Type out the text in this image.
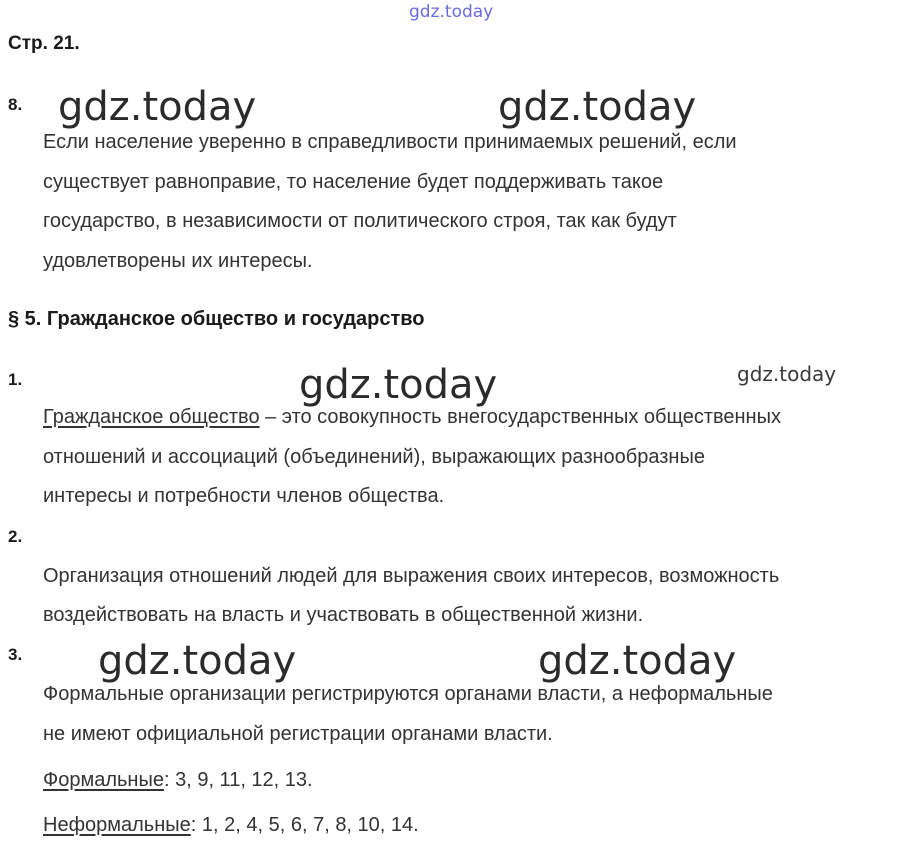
gdz.today
Стр. 21.
8. gdz.today	gdz.today
Если население уверенно в справедливости принимаемых решений, если
существует равноправие, то население будет поддерживать такое
государство, в независимости от политического строя, так как будут
удовлетворены их интересы.
§ 5. Гражданское общество и государство
1.	gdz.today	gdz.today
Гражданское общество – это совокупность внегосударственных общественных
отношений и ассоциаций (объединений), выражающих разнообразные
интересы и потребности членов общества.
2.
Организация отношений людей для выражения своих интересов, возможность
воздействовать на власть и участвовать в общественной жизни.
3. gdz.today	gdz.today
Формальные организации регистрируются органами власти, а неформальные
не имеют официальной регистрации органами власти.
Формальные: 3, 9, 11, 12, 13.
Неформальные: 1, 2, 4, 5, 6, 7, 8, 10, 14.
